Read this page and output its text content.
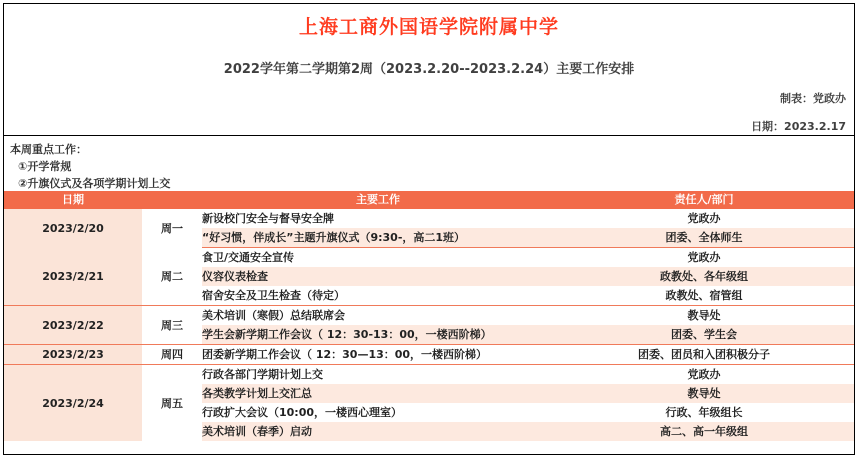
上海工商外国语学院附属中学
2022学年第二学期第2周（2023.2.20--2023.2.24）主要工作安排
制表：党政办
日期：2023.2.17
本周重点工作：
①开学常规
②升旗仪式及各项学期计划上交
日期		主要工作	责任人/部门
2023/2/20	周一	新设校门安全与督导安全牌	党政办
		“好习惯，伴成长”主题升旗仪式（9:30-，高二1班）	团委、全体师生
2023/2/21	周二	食卫/交通安全宣传	党政办
		仪容仪表检查	政教处、各年级组
		宿舍安全及卫生检查（待定）	政教处、宿管组
2023/2/22	周三	美术培训（寒假）总结联席会	教导处
		学生会新学期工作会议（ 12：30-13：00，一楼西阶梯）	团委、学生会
2023/2/23	周四	团委新学期工作会议（ 12：30—13：00，一楼西阶梯）	团委、团员和入团积极分子
2023/2/24	周五	行政各部门学期计划上交	党政办
		各类教学计划上交汇总	教导处
		行政扩大会议（10:00，一楼西心理室）	行政、年级组长
		美术培训（春季）启动	高二、高一年级组
